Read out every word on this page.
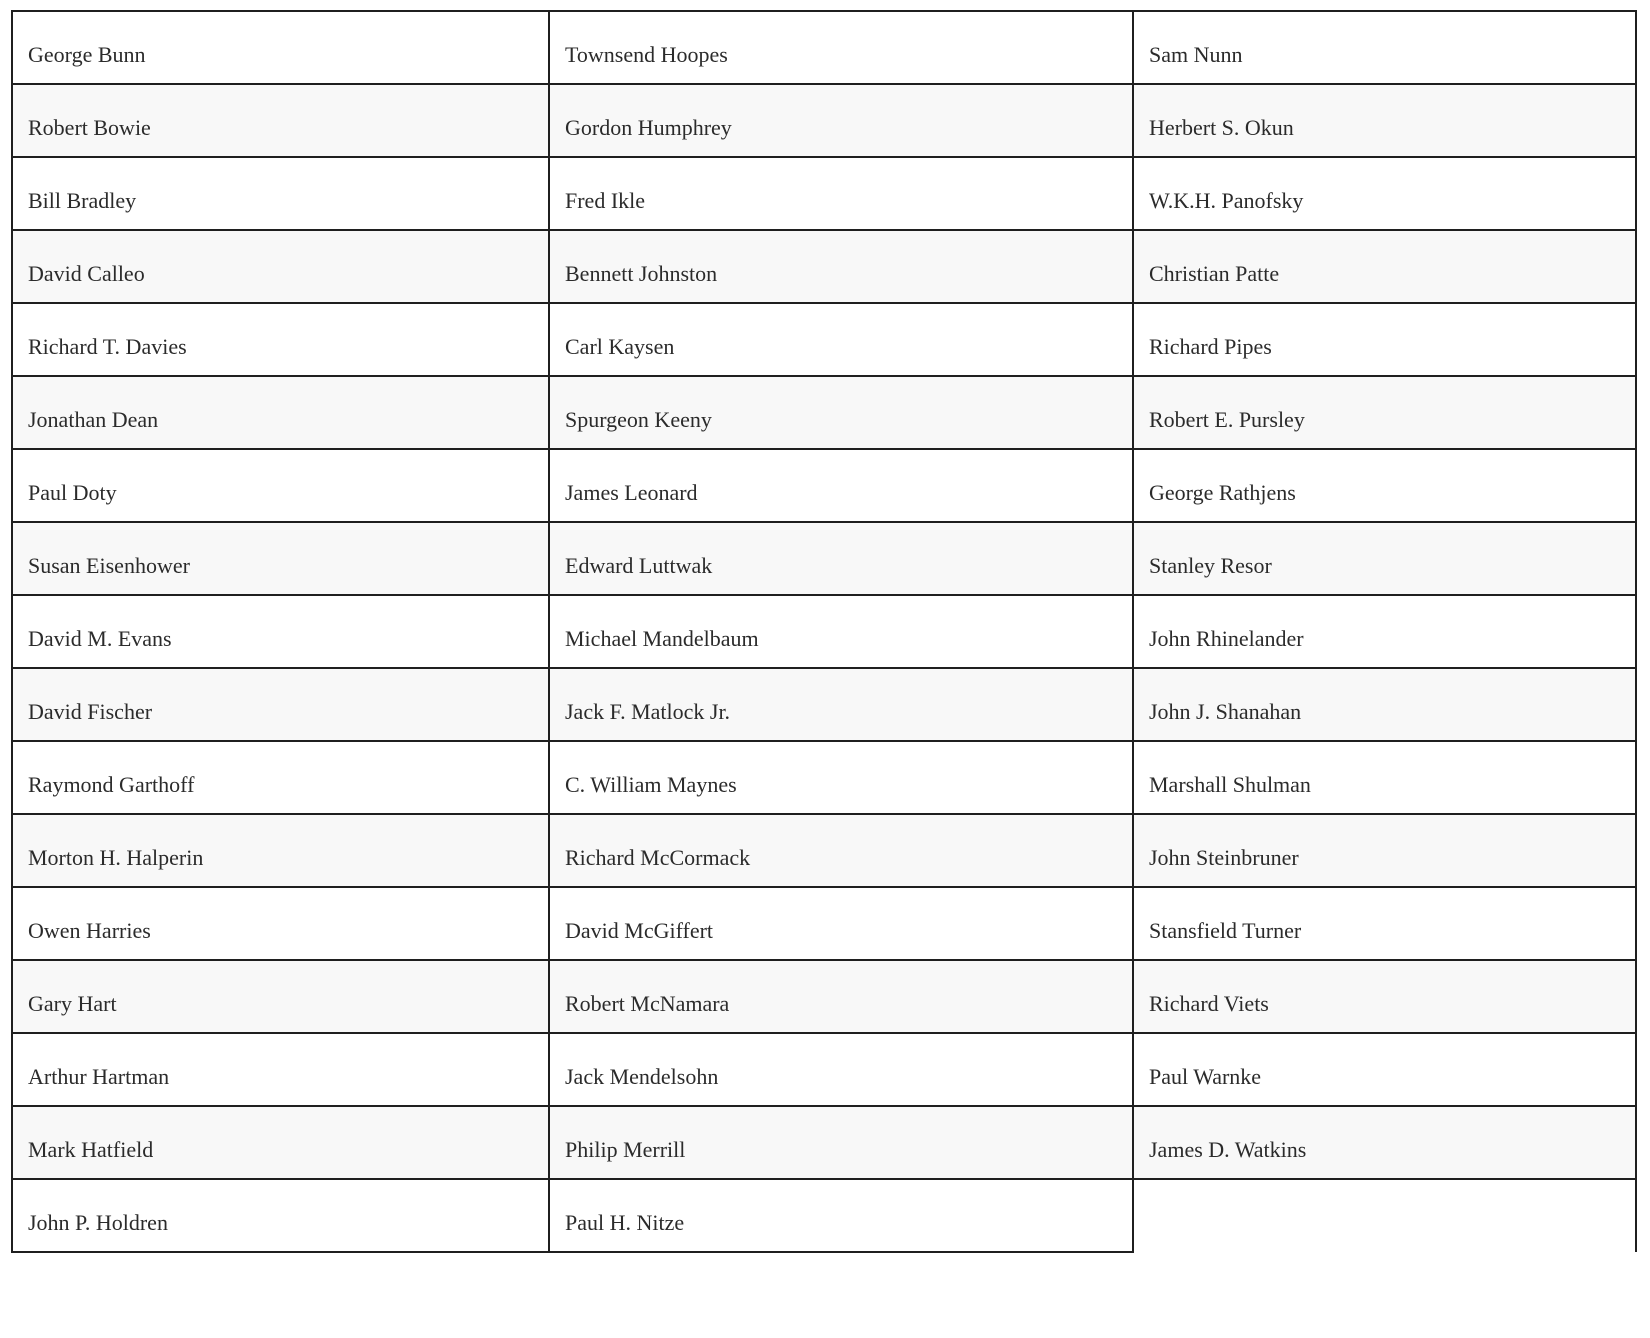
George Bunn	Townsend Hoopes	Sam Nunn
Robert Bowie	Gordon Humphrey	Herbert S. Okun
Bill Bradley	Fred Ikle	W.K.H. Panofsky
David Calleo	Bennett Johnston	Christian Patte
Richard T. Davies	Carl Kaysen	Richard Pipes
Jonathan Dean	Spurgeon Keeny	Robert E. Pursley
Paul Doty	James Leonard	George Rathjens
Susan Eisenhower	Edward Luttwak	Stanley Resor
David M. Evans	Michael Mandelbaum	John Rhinelander
David Fischer	Jack F. Matlock Jr.	John J. Shanahan
Raymond Garthoff	C. William Maynes	Marshall Shulman
Morton H. Halperin	Richard McCormack	John Steinbruner
Owen Harries	David McGiffert	Stansfield Turner
Gary Hart	Robert McNamara	Richard Viets
Arthur Hartman	Jack Mendelsohn	Paul Warnke
Mark Hatfield	Philip Merrill	James D. Watkins
John P. Holdren	Paul H. Nitze	
